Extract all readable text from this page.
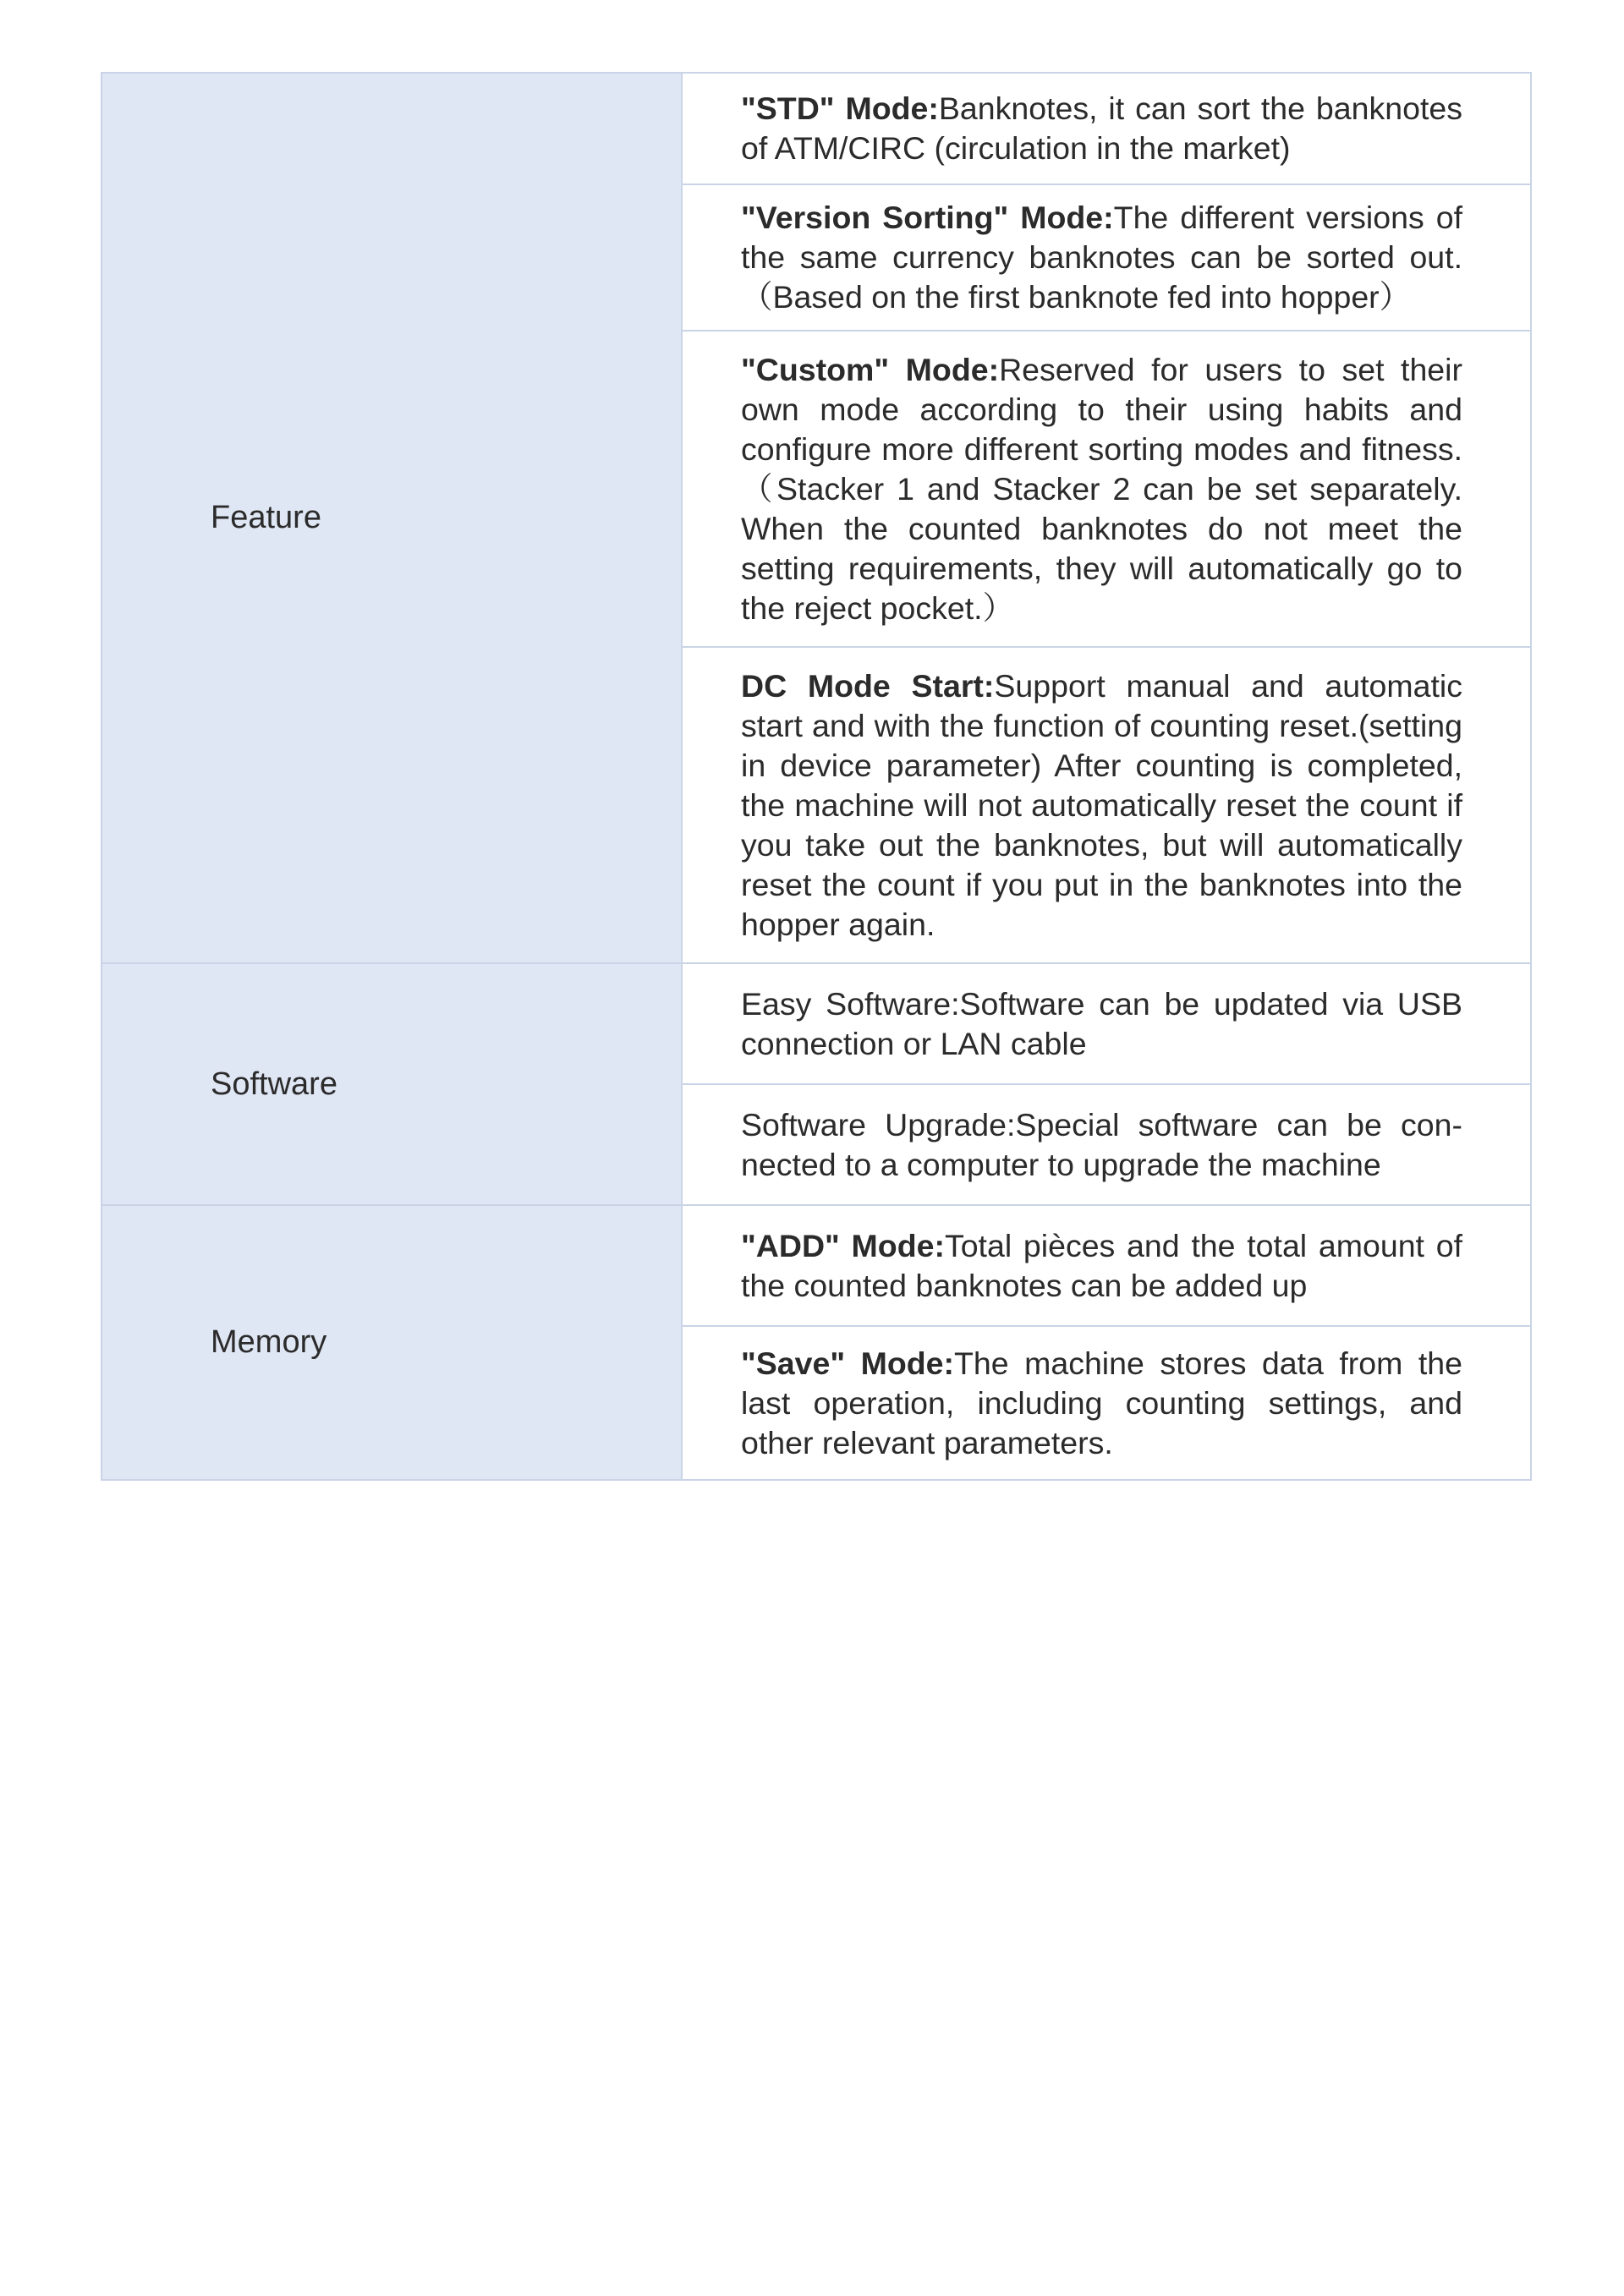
Feature	"STD" Mode:Banknotes, it can sort the banknotes of ATM/CIRC (circulation in the market)

	"Version Sorting" Mode:The different versions of the same currency banknotes can be sorted out.（Based on the first banknote fed into hopper）

	"Custom" Mode:Reserved for users to set their own mode according to their using habits and configure more different sorting modes and fitness.（Stacker 1 and Stacker 2 can be set separately. When the counted banknotes do not meet the setting requirements, they will automatically go to the reject pocket.）

	DC Mode Start:Support manual and automatic start and with the function of counting reset.(setting in device parameter) After counting is completed, the machine will not automatically reset the count if you take out the banknotes, but will automatically reset the count if you put in the banknotes into the hopper again.

Software	Easy Software:Software can be updated via USB connection or LAN cable

	Software Upgrade:Special software can be con-nected to a computer to upgrade the machine

Memory	"ADD" Mode:Total pièces and the total amount of the counted banknotes can be added up

	"Save" Mode:The machine stores data from the last operation, including counting settings, and other relevant parameters.
